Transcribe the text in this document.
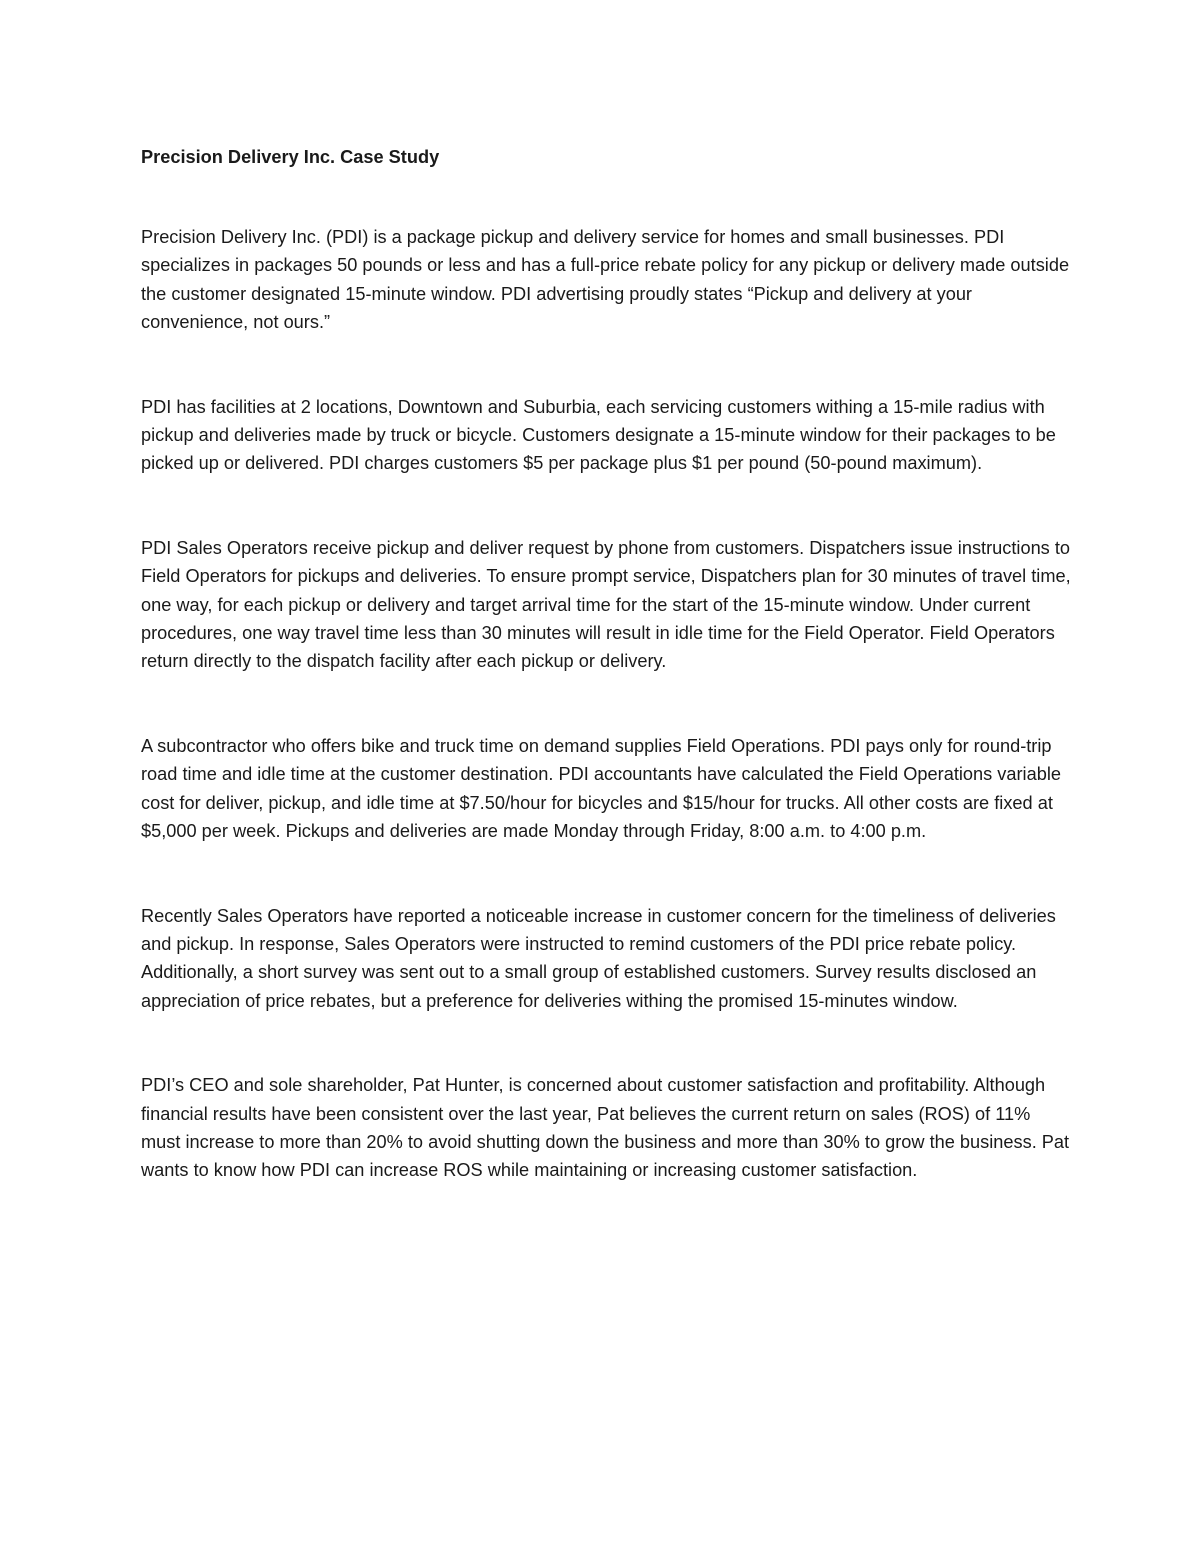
Precision Delivery Inc. Case Study

Precision Delivery Inc. (PDI) is a package pickup and delivery service for homes and small businesses. PDI specializes in packages 50 pounds or less and has a full-price rebate policy for any pickup or delivery made outside the customer designated 15-minute window. PDI advertising proudly states “Pickup and delivery at your convenience, not ours.”

PDI has facilities at 2 locations, Downtown and Suburbia, each servicing customers withing a 15-mile radius with pickup and deliveries made by truck or bicycle. Customers designate a 15-minute window for their packages to be picked up or delivered. PDI charges customers $5 per package plus $1 per pound (50-pound maximum).

PDI Sales Operators receive pickup and deliver request by phone from customers. Dispatchers issue instructions to Field Operators for pickups and deliveries. To ensure prompt service, Dispatchers plan for 30 minutes of travel time, one way, for each pickup or delivery and target arrival time for the start of the 15-minute window. Under current procedures, one way travel time less than 30 minutes will result in idle time for the Field Operator. Field Operators return directly to the dispatch facility after each pickup or delivery.

A subcontractor who offers bike and truck time on demand supplies Field Operations. PDI pays only for round-trip road time and idle time at the customer destination. PDI accountants have calculated the Field Operations variable cost for deliver, pickup, and idle time at $7.50/hour for bicycles and $15/hour for trucks. All other costs are fixed at $5,000 per week. Pickups and deliveries are made Monday through Friday, 8:00 a.m. to 4:00 p.m.

Recently Sales Operators have reported a noticeable increase in customer concern for the timeliness of deliveries and pickup. In response, Sales Operators were instructed to remind customers of the PDI price rebate policy. Additionally, a short survey was sent out to a small group of established customers. Survey results disclosed an appreciation of price rebates, but a preference for deliveries withing the promised 15-minutes window.

PDI’s CEO and sole shareholder, Pat Hunter, is concerned about customer satisfaction and profitability. Although financial results have been consistent over the last year, Pat believes the current return on sales (ROS) of 11% must increase to more than 20% to avoid shutting down the business and more than 30% to grow the business. Pat wants to know how PDI can increase ROS while maintaining or increasing customer satisfaction.
